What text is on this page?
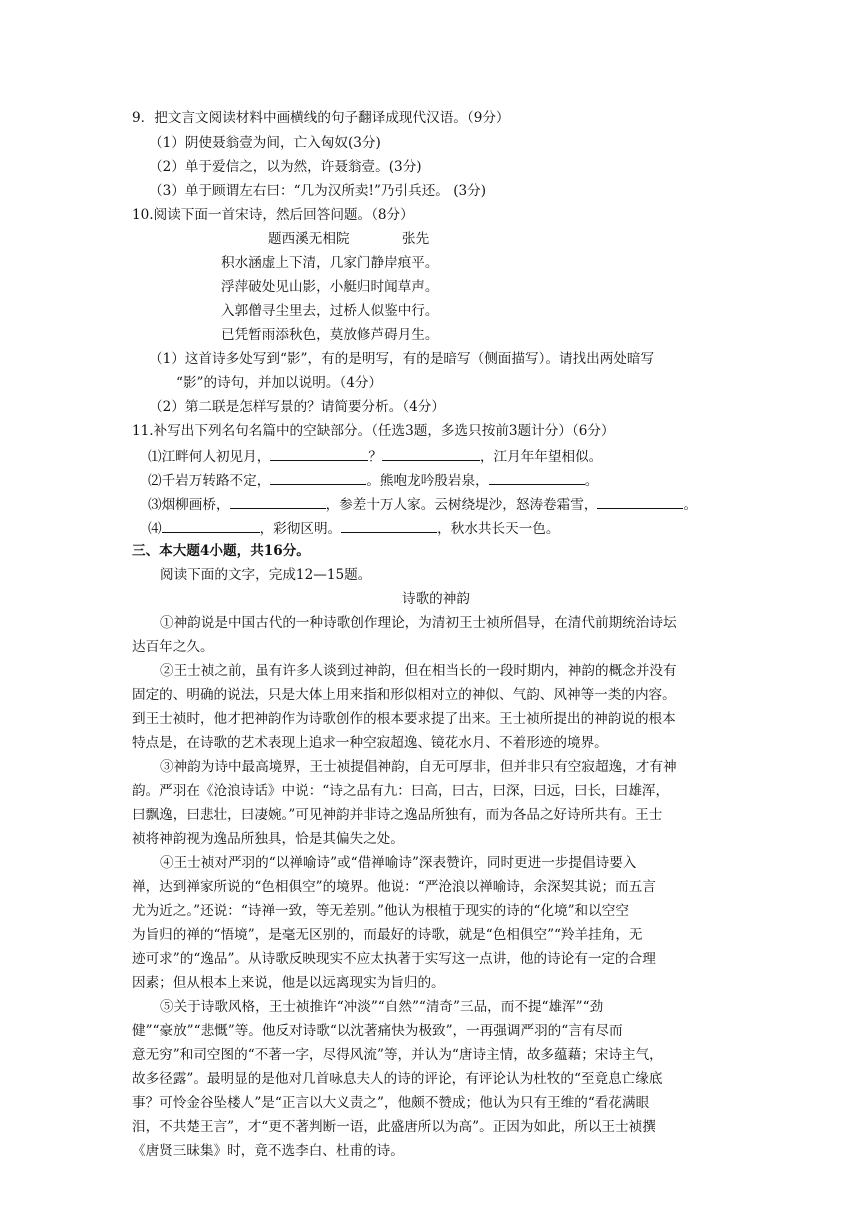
9．把文言文阅读材料中画横线的句子翻译成现代汉语。（9分）
（1）阴使聂翁壹为间，亡入匈奴(3分)
（2）单于爱信之，以为然，许聂翁壹。(3分)
（3）单于顾谓左右曰：“几为汉所卖!”乃引兵还。 (3分)
10.阅读下面一首宋诗，然后回答问题。（8分）
题西溪无相院	张先
积水涵虚上下清，几家门静岸痕平。
浮萍破处见山影，小艇归时闻草声。
入郭僧寻尘里去，过桥人似鉴中行。
已凭暂雨添秋色，莫放修芦碍月生。
（1）这首诗多处写到“影”，有的是明写，有的是暗写（侧面描写）。请找出两处暗写
“影”的诗句，并加以说明。（4分）
（2）第二联是怎样写景的？请简要分析。（4分）
11.补写出下列名句名篇中的空缺部分。（任选3题，多选只按前3题计分）（6分）
⑴江畔何人初见月，	？	，江月年年望相似。
⑵千岩万转路不定，	。熊咆龙吟殷岩泉，	。
⑶烟柳画桥，	，参差十万人家。云树绕堤沙，怒涛卷霜雪，	。
⑷	，彩彻区明。	，秋水共长天一色。
三、本大题4小题，共16分。
阅读下面的文字，完成12—15题。
诗歌的神韵
①神韵说是中国古代的一种诗歌创作理论，为清初王士祯所倡导，在清代前期统治诗坛
达百年之久。
②王士祯之前，虽有许多人谈到过神韵，但在相当长的一段时期内，神韵的概念并没有
固定的、明确的说法，只是大体上用来指和形似相对立的神似、气韵、风神等一类的内容。
到王士祯时，他才把神韵作为诗歌创作的根本要求提了出来。王士祯所提出的神韵说的根本
特点是，在诗歌的艺术表现上追求一种空寂超逸、镜花水月、不着形迹的境界。
③神韵为诗中最高境界，王士祯提倡神韵，自无可厚非，但并非只有空寂超逸，才有神
韵。严羽在《沧浪诗话》中说：“诗之品有九：曰高，曰古，曰深，曰远，曰长，曰雄浑，
曰飘逸，曰悲壮，曰凄婉。”可见神韵并非诗之逸品所独有，而为各品之好诗所共有。王士
祯将神韵视为逸品所独具，恰是其偏失之处。
④王士祯对严羽的“以禅喻诗”或“借禅喻诗”深表赞许，同时更进一步提倡诗要入
禅，达到禅家所说的“色相俱空”的境界。他说：“严沧浪以禅喻诗，余深契其说；而五言
尤为近之。”还说：“诗禅一致，等无差别。”他认为根植于现实的诗的“化境”和以空空
为旨归的禅的“悟境”，是毫无区别的，而最好的诗歌，就是“色相俱空”“羚羊挂角，无
迹可求”的“逸品”。从诗歌反映现实不应太执著于实写这一点讲，他的诗论有一定的合理
因素；但从根本上来说，他是以远离现实为旨归的。
⑤关于诗歌风格，王士祯推许“冲淡”“自然”“清奇”三品，而不提“雄浑”“劲
健”“豪放”“悲慨”等。他反对诗歌“以沈著痛快为极致”，一再强调严羽的“言有尽而
意无穷”和司空图的“不著一字，尽得风流”等，并认为“唐诗主情，故多蕴藉；宋诗主气，
故多径露”。最明显的是他对几首咏息夫人的诗的评论，有评论认为杜牧的“至竟息亡缘底
事？可怜金谷坠楼人”是“正言以大义责之”，他颇不赞成；他认为只有王维的“看花满眼
泪，不共楚王言”，才“更不著判断一语，此盛唐所以为高”。正因为如此，所以王士祯撰
《唐贤三昧集》时，竟不选李白、杜甫的诗。
